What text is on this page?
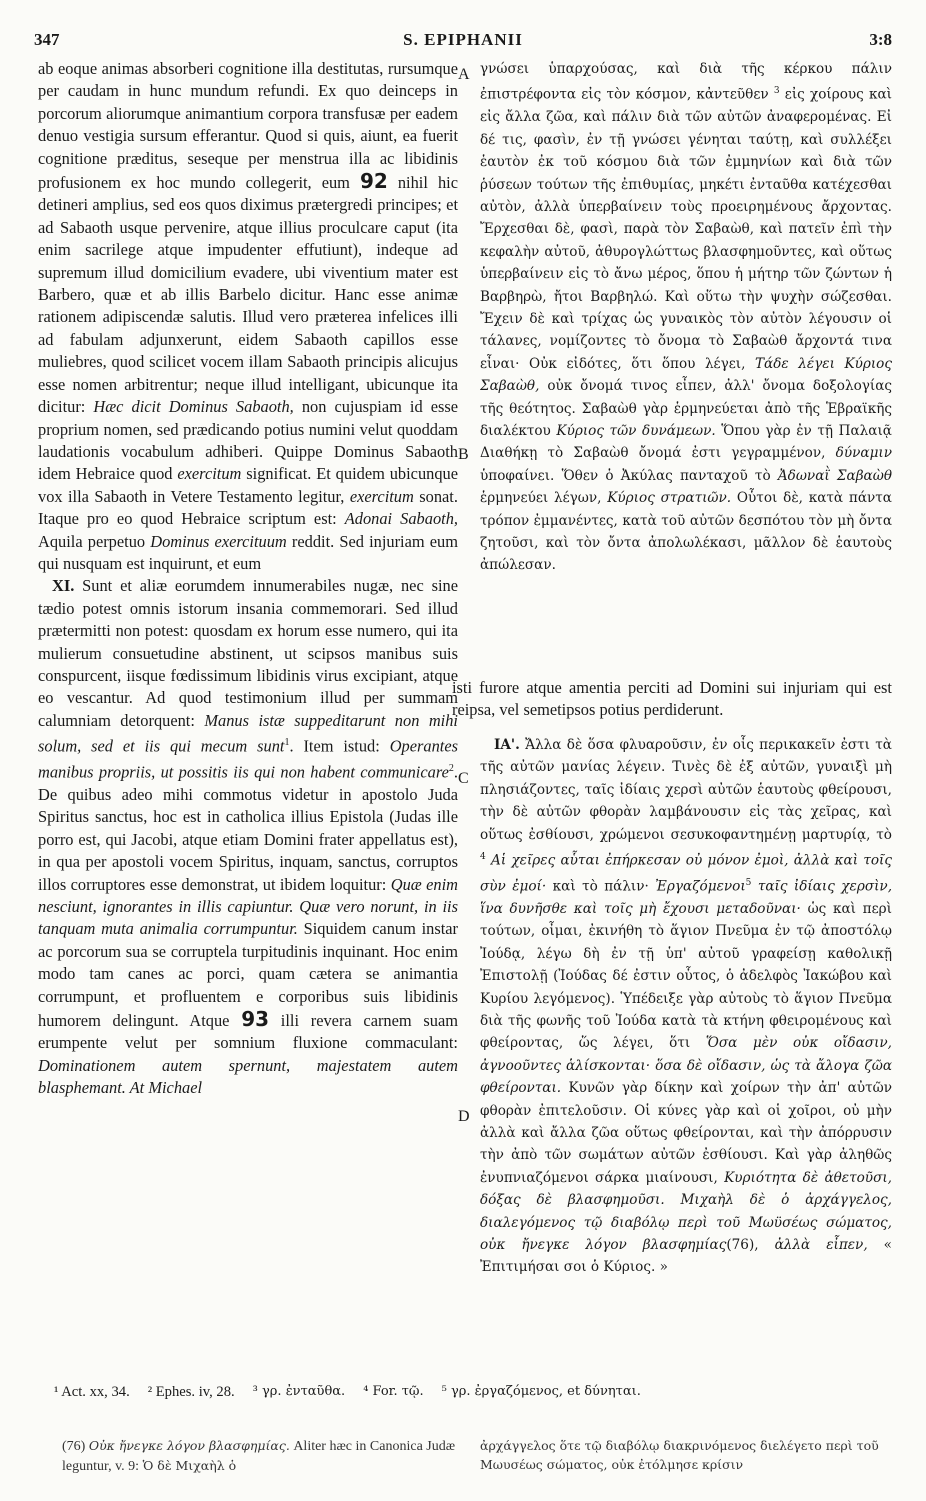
347	S. EPIPHANII	3:8
A
B
C
D

ab eoque animas absorberi cognitione illa destitutas, rursumque per caudam in hunc mundum refundi. Ex quo deinceps in porcorum aliorumque animantium corpora transfusæ per eadem denuo vestigia sursum efferantur. Quod si quis, aiunt, ea fuerit cognitione præditus, seseque per menstrua illa ac libidinis profusionem ex hoc mundo collegerit, eum 92 nihil hic detineri amplius, sed eos quos diximus prætergredi principes; et ad Sabaoth usque pervenire, atque illius proculcare caput (ita enim sacrilege atque impudenter effutiunt), indeque ad supremum illud domicilium evadere, ubi viventium mater est Barbero, quæ et ab illis Barbelo dicitur. Hanc esse animæ rationem adipiscendæ salutis. Illud vero præterea infelices illi ad fabulam adjunxerunt, eidem Sabaoth capillos esse muliebres, quod scilicet vocem illam Sabaoth principis alicujus esse nomen arbitrentur; neque illud intelligant, ubicunque ita dicitur: Hæc dicit Dominus Sabaoth, non cujuspiam id esse proprium nomen, sed prædicando potius numini velut quoddam laudationis vocabulum adhiberi. Quippe Dominus Sabaoth idem Hebraice quod exercitum significat. Et quidem ubicunque vox illa Sabaoth in Vetere Testamento legitur, exercitum sonat. Itaque pro eo quod Hebraice scriptum est: Adonai Sabaoth, Aquila perpetuo Dominus exercituum reddit. Sed injuriam eum qui nusquam est inquirunt, et eum

XI. Sunt et aliæ eorumdem innumerabiles nugæ, nec sine tædio potest omnis istorum insania commemorari. Sed illud prætermitti non potest: quosdam ex horum esse numero, qui ita mulierum consuetudine abstinent, ut scipsos manibus suis conspurcent, iisque fœdissimum libidinis virus excipiant, atque eo vescantur. Ad quod testimonium illud per summam calumniam detorquent: Manus istæ suppeditarunt non mihi solum, sed et iis qui mecum sunt$^1$. Item istud: Operantes manibus propriis, ut possitis iis qui non habent communicare$^2$. De quibus adeo mihi commotus videtur in apostolo Juda Spiritus sanctus, hoc est in catholica illius Epistola (Judas ille porro est, qui Jacobi, atque etiam Domini frater appellatus est), in qua per apostoli vocem Spiritus, inquam, sanctus, corruptos illos corruptores esse demonstrat, ut ibidem loquitur: Quæ enim nesciunt, ignorantes in illis capiuntur. Quæ vero norunt, in iis tanquam muta animalia corrumpuntur. Siquidem canum instar ac porcorum sua se corruptela turpitudinis inquinant. Hoc enim modo tam canes ac porci, quam cætera se animantia corrumpunt, et profluentem e corporibus suis libidinis humorem delingunt. Atque 93 illi revera carnem suam erumpente velut per somnium fluxione commaculant: Dominationem autem spernunt, majestatem autem blasphemant. At Michael

γνώσει ὑπαρχούσας, καὶ διὰ τῆς κέρκου πάλιν ἐπιστρέφοντα εἰς τὸν κόσμον, κἀντεῦθεν $^3$ εἰς χοίρους καὶ εἰς ἄλλα ζῶα, καὶ πάλιν διὰ τῶν αὐτῶν ἀναφερομένας. Εἰ δέ τις, φασὶν, ἐν τῇ γνώσει γένηται ταύτῃ, καὶ συλλέξει ἑαυτὸν ἐκ τοῦ κόσμου διὰ τῶν ἐμμηνίων καὶ διὰ τῶν ῥύσεων τούτων τῆς ἐπιθυμίας, μηκέτι ἐνταῦθα κατέχεσθαι αὐτὸν, ἀλλὰ ὑπερβαίνειν τοὺς προειρημένους ἄρχοντας. Ἔρχεσθαι δὲ, φασὶ, παρὰ τὸν Σαβαὼθ, καὶ πατεῖν ἐπὶ τὴν κεφαλὴν αὐτοῦ, ἀθυρογλώττως βλασφημοῦντες, καὶ οὕτως ὑπερβαίνειν εἰς τὸ ἄνω μέρος, ὅπου ἡ μήτηρ τῶν ζώντων ἡ Βαρβηρὼ, ἤτοι Βαρβηλώ. Καὶ οὕτω τὴν ψυχὴν σώζεσθαι. Ἔχειν δὲ καὶ τρίχας ὡς γυναικὸς τὸν αὐτὸν λέγουσιν οἱ τάλανες, νομίζοντες τὸ ὄνομα τὸ Σαβαὼθ ἄρχοντά τινα εἶναι· Οὐκ εἰδότες, ὅτι ὅπου λέγει, Τάδε λέγει Κύριος Σαβαὼθ, οὐκ ὄνομά τινος εἶπεν, ἀλλ' ὄνομα δοξολογίας τῆς θεότητος. Σαβαὼθ γὰρ ἑρμηνεύεται ἀπὸ τῆς Ἑβραϊκῆς διαλέκτου Κύριος τῶν δυνάμεων. Ὅπου γὰρ ἐν τῇ Παλαιᾷ Διαθήκῃ τὸ Σαβαὼθ ὄνομά ἐστι γεγραμμένον, δύναμιν ὑποφαίνει. Ὅθεν ὁ Ἀκύλας πανταχοῦ τὸ Ἀδωναῒ Σαβαὼθ ἑρμηνεύει λέγων, Κύριος στρατιῶν. Οὗτοι δὲ, κατὰ πάντα τρόπον ἐμμανέντες, κατὰ τοῦ αὐτῶν δεσπότου τὸν μὴ ὄντα ζητοῦσι, καὶ τὸν ὄντα ἀπολωλέκασι, μᾶλλον δὲ ἑαυτοὺς ἀπώλεσαν.

isti furore atque amentia perciti ad Domini sui injuriam qui est reipsa, vel semetipsos potius perdiderunt.

ΙΑ'. Ἄλλα δὲ ὅσα φλυαροῦσιν, ἐν οἷς περικακεῖν ἐστι τὰ τῆς αὐτῶν μανίας λέγειν. Τινὲς δὲ ἐξ αὐτῶν, γυναιξὶ μὴ πλησιάζοντες, ταῖς ἰδίαις χερσὶ αὐτῶν ἑαυτοὺς φθείρουσι, τὴν δὲ αὐτῶν φθορὰν λαμβάνουσιν εἰς τὰς χεῖρας, καὶ οὕτως ἐσθίουσι, χρώμενοι σεσυκοφαντημένῃ μαρτυρίᾳ, τὸ $^4$ Αἱ χεῖρες αὗται ἐπήρκεσαν οὐ μόνον ἐμοὶ, ἀλλὰ καὶ τοῖς σὺν ἐμοί· καὶ τὸ πάλιν· Ἐργαζόμενοι$^5$ ταῖς ἰδίαις χερσὶν, ἵνα δυνῆσθε καὶ τοῖς μὴ ἔχουσι μεταδοῦναι· ὡς καὶ περὶ τούτων, οἶμαι, ἐκινήθη τὸ ἅγιον Πνεῦμα ἐν τῷ ἀποστόλῳ Ἰούδᾳ, λέγω δὴ ἐν τῇ ὑπ' αὐτοῦ γραφείσῃ καθολικῇ Ἐπιστολῇ (Ἰούδας δέ ἐστιν οὗτος, ὁ ἀδελφὸς Ἰακώβου καὶ Κυρίου λεγόμενος). Ὑπέδειξε γὰρ αὐτοὺς τὸ ἅγιον Πνεῦμα διὰ τῆς φωνῆς τοῦ Ἰούδα κατὰ τὰ κτήνη φθειρομένους καὶ φθείροντας, ὥς λέγει, ὅτι Ὅσα μὲν οὐκ οἴδασιν, ἀγνοοῦντες ἁλίσκονται· ὅσα δὲ οἴδασιν, ὡς τὰ ἄλογα ζῶα φθείρονται. Κυνῶν γὰρ δίκην καὶ χοίρων τὴν ἀπ' αὐτῶν φθορὰν ἐπιτελοῦσιν. Οἱ κύνες γὰρ καὶ οἱ χοῖροι, οὐ μὴν ἀλλὰ καὶ ἄλλα ζῶα οὕτως φθείρονται, καὶ τὴν ἀπόρρυσιν τὴν ἀπὸ τῶν σωμάτων αὐτῶν ἐσθίουσι. Καὶ γὰρ ἀληθῶς ἐνυπνιαζόμενοι σάρκα μιαίνουσι, Κυριότητα δὲ ἀθετοῦσι, δόξας δὲ βλασφημοῦσι. Μιχαὴλ δὲ ὁ ἀρχάγγελος, διαλεγόμενος τῷ διαβόλῳ περὶ τοῦ Μωϋσέως σώματος, οὐκ ἤνεγκε λόγον βλασφημίας(76), ἀλλὰ εἶπεν, « Ἐπιτιμήσαι σοι ὁ Κύριος. »

¹ Act. xx, 34. ² Ephes. iv, 28. ³ γρ. ἐνταῦθα. ⁴ For. τῷ. ⁵ γρ. ἐργαζόμενος, et δύνηται.

(76) Οὐκ ἤνεγκε λόγον βλασφημίας. Aliter hæc in Canonica Judæ leguntur, v. 9: Ὁ δὲ Μιχαὴλ ὁ

ἀρχάγγελος ὅτε τῷ διαβόλῳ διακρινόμενος διελέγετο περὶ τοῦ Μωυσέως σώματος, οὐκ ἐτόλμησε κρίσιν
